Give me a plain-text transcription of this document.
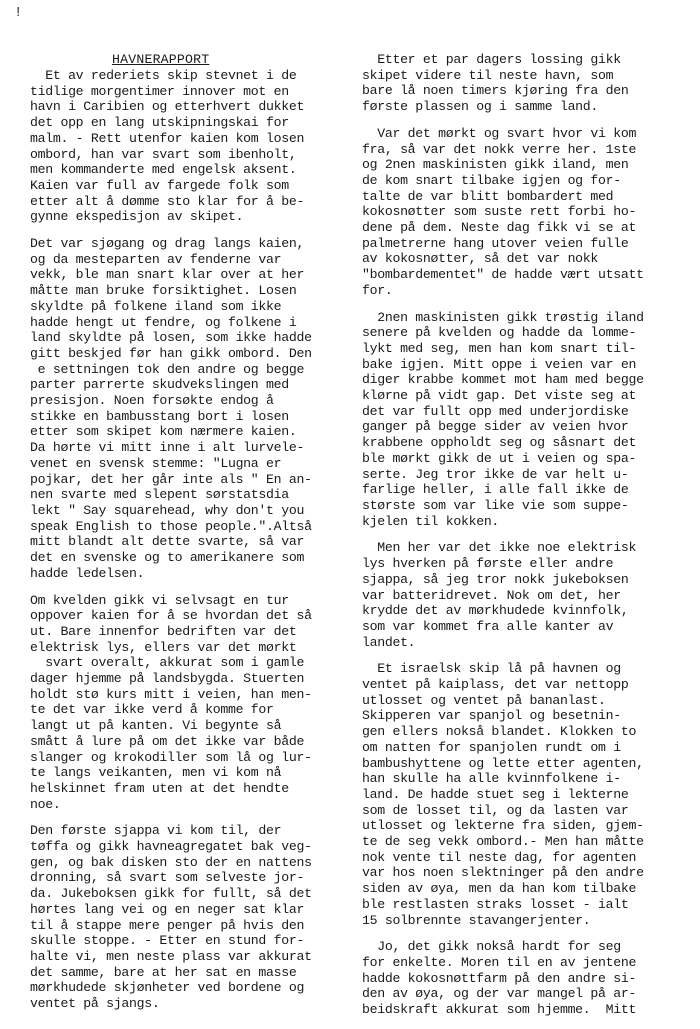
!
HAVNERAPPORT
Et av rederiets skip stevnet i de
tidlige morgentimer innover mot en
havn i Caribien og etterhvert dukket
det opp en lang utskipningskai for
malm. - Rett utenfor kaien kom losen
ombord, han var svart som ibenholt,
men kommanderte med engelsk aksent.
Kaien var full av fargede folk som
etter alt å dømme sto klar for å be-
gynne ekspedisjon av skipet.
Det var sjøgang og drag langs kaien,
og da mesteparten av fenderne var
vekk, ble man snart klar over at her
måtte man bruke forsiktighet. Losen
skyldte på folkene iland som ikke
hadde hengt ut fendre, og folkene i
land skyldte på losen, som ikke hadde
gitt beskjed før han gikk ombord. Den
e settningen tok den andre og begge
parter parrerte skudvekslingen med
presisjon. Noen forsøkte endog å
stikke en bambusstang bort i losen
etter som skipet kom nærmere kaien.
Da hørte vi mitt inne i alt lurvele-
venet en svensk stemme: "Lugna er
pojkar, det her går inte als " En an-
nen svarte med slepent sørstatsdia
lekt " Say squarehead, why don't you
speak English to those people.".Altså
mitt blandt alt dette svarte, så var
det en svenske og to amerikanere som
hadde ledelsen.
Om kvelden gikk vi selvsagt en tur
oppover kaien for å se hvordan det så
ut. Bare innenfor bedriften var det
elektrisk lys, ellers var det mørkt
svart overalt, akkurat som i gamle
dager hjemme på landsbygda. Stuerten
holdt stø kurs mitt i veien, han men-
te det var ikke verd å komme for
langt ut på kanten. Vi begynte så
smått å lure på om det ikke var både
slanger og krokodiller som lå og lur-
te langs veikanten, men vi kom nå
helskinnet fram uten at det hendte
noe.
Den første sjappa vi kom til, der
tøffa og gikk havneagregatet bak veg-
gen, og bak disken sto der en nattens
dronning, så svart som selveste jor-
da. Jukeboksen gikk for fullt, så det
hørtes lang vei og en neger sat klar
til å stappe mere penger på hvis den
skulle stoppe. - Etter en stund for-
halte vi, men neste plass var akkurat
det samme, bare at her sat en masse
mørkhudede skjønheter ved bordene og
ventet på sjangs.
Etter et par dagers lossing gikk
skipet videre til neste havn, som
bare lå noen timers kjøring fra den
første plassen og i samme land.
Var det mørkt og svart hvor vi kom
fra, så var det nokk verre her. 1ste
og 2nen maskinisten gikk iland, men
de kom snart tilbake igjen og for-
talte de var blitt bombardert med
kokosnøtter som suste rett forbi ho-
dene på dem. Neste dag fikk vi se at
palmetrerne hang utover veien fulle
av kokosnøtter, så det var nokk
"bombardementet" de hadde vært utsatt
for.
2nen maskinisten gikk trøstig iland
senere på kvelden og hadde da lomme-
lykt med seg, men han kom snart til-
bake igjen. Mitt oppe i veien var en
diger krabbe kommet mot ham med begge
klørne på vidt gap. Det viste seg at
det var fullt opp med underjordiske
ganger på begge sider av veien hvor
krabbene oppholdt seg og såsnart det
ble mørkt gikk de ut i veien og spa-
serte. Jeg tror ikke de var helt u-
farlige heller, i alle fall ikke de
største som var like vie som suppe-
kjelen til kokken.
Men her var det ikke noe elektrisk
lys hverken på første eller andre
sjappa, så jeg tror nokk jukeboksen
var batteridrevet. Nok om det, her
krydde det av mørkhudede kvinnfolk,
som var kommet fra alle kanter av
landet.
Et israelsk skip lå på havnen og
ventet på kaiplass, det var nettopp
utlosset og ventet på bananlast.
Skipperen var spanjol og besetnin-
gen ellers nokså blandet. Klokken to
om natten for spanjolen rundt om i
bambushyttene og lette etter agenten,
han skulle ha alle kvinnfolkene i-
land. De hadde stuet seg i lekterne
som de losset til, og da lasten var
utlosset og lekterne fra siden, gjem-
te de seg vekk ombord.- Men han måtte
nok vente til neste dag, for agenten
var hos noen slektninger på den andre
siden av øya, men da han kom tilbake
ble restlasten straks losset - ialt
15 solbrennte stavangerjenter.
Jo, det gikk nokså hardt for seg
for enkelte. Moren til en av jentene
hadde kokosnøttfarm på den andre si-
den av øya, og der var mangel på ar-
beidskraft akkurat som hjemme.  Mitt
